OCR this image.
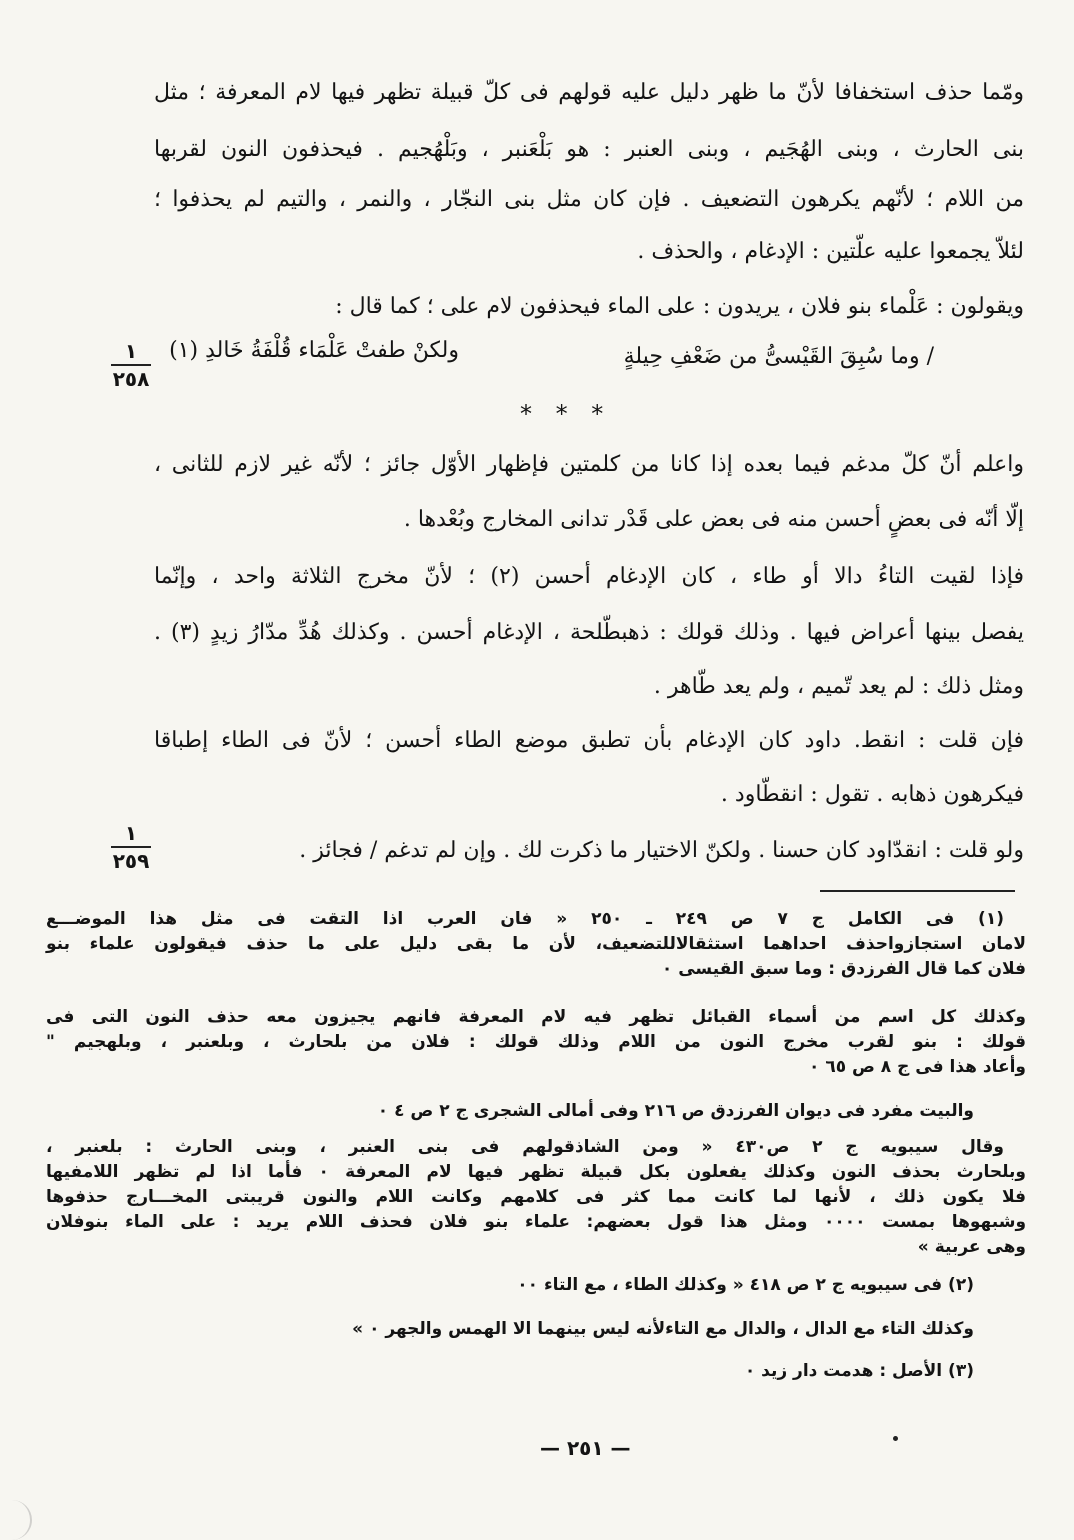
ومّما حذف استخفافا لأنّ ما ظهر دليل عليه قولهم فى كلّ قبيلة تظهر فيها لام المعرفة ؛ مثل
بنى الحارث ، وبنى الهُجَيم ، وبنى العنبر : هو بَلْعَنبر ، وبَلْهُجيم . فيحذفون النون لقربها
من اللام ؛ لأنّهم يكرهون التضعيف . فإن كان مثل بنى النجّار ، والنمر ، والتيم لم يحذفوا ؛
لئلاّ يجمعوا عليه علّتين : الإدغام ، والحذف .
ويقولون : عَلْماء بنو فلان ، يريدون : على الماء فيحذفون لام على ؛ كما قال :
/ وما سُبِقَ القَيْسىُّ من ضَعْفِ حِيلةٍ
ولكنْ طفتْ عَلْمَاء قُلْفَةُ خَالدِ (١)
* * *
واعلم أنّ كلّ مدغم فيما بعده إذا كانا من كلمتين فإظهار الأوّل جائز ؛ لأنّه غير لازم للثانى ،
إلّا أنّه فى بعضٍ أحسن منه فى بعض على قَدْر تدانى المخارج وبُعْدها .
فإذا لقيت التاءُ دالا أو طاء ، كان الإدغام أحسن (٢) ؛ لأنّ مخرج الثلاثة واحد ، وإنّما
يفصل بينها أعراض فيها . وذلك قولك : ذهبطّلحة ، الإدغام أحسن . وكذلك هُدِّ مدّارُ زيدٍ (٣) .
ومثل ذلك : لم يعد تّميم ، ولم يعد طّاهر .
فإن قلت : انقط. داود كان الإدغام بأن تطبق موضع الطاء أحسن ؛ لأنّ فى الطاء إطباقا
فيكرهون ذهابه . تقول : انقطّاود .
ولو قلت : انقدّاود كان حسنا . ولكنّ الاختيار ما ذكرت لك . وإن لم تدغم / فجائز .
١
٢٥٨
١
٢٥٩
(١) فى الكامل ج ٧ ص ٢٤٩ ـ ٢٥٠ « فان العرب اذا التقت فى مثل هذا الموضـــع
لامان استجازواحذف احداهما استثقالاللتضعيف، لأن ما بقى دليل على ما حذف فيقولون علماء بنو
فلان كما قال الفرزدق : وما سبق القيسى ٠
وكذلك كل اسم من أسماء القبائل تظهر فيه لام المعرفة فانهم يجيزون معه حذف النون التى فى
قولك : بنو لقرب مخرج النون من اللام وذلك قولك : فلان من بلحارث ، وبلعنبر ، وبلهجيم "
وأعاد هذا فى ج ٨ ص ٦٥ ٠
والبيت مفرد فى ديوان الفرزدق ص ٢١٦ وفى أمالى الشجرى ج ٢ ص ٤ ٠
وقال سيبويه ج ٢ ص٤٣٠ « ومن الشاذقولهم فى بنى العنبر ، وبنى الحارث : بلعنبر ،
وبلحارث بحذف النون وكذلك يفعلون بكل قبيلة تظهر فيها لام المعرفة ٠ فأما اذا لم تظهر اللامفيها
فلا يكون ذلك ، لأنها لما كانت مما كثر فى كلامهم وكانت اللام والنون قريبتى المخـــارج حذفوها
وشبهوها بمست ٠٠٠٠ ومثل هذا قول بعضهم: علماء بنو فلان فحذف اللام يريد : على الماء بنوفلان
وهى عربية »
(٢) فى سيبويه ج ٢ ص ٤١٨ « وكذلك الطاء ، مع التاء ٠٠
وكذلك التاء مع الدال ، والدال مع التاءلأنه ليس بينهما الا الهمس والجهر ٠ »
(٣) الأصل : هدمت دار زيد ٠
— ٢٥١ —
